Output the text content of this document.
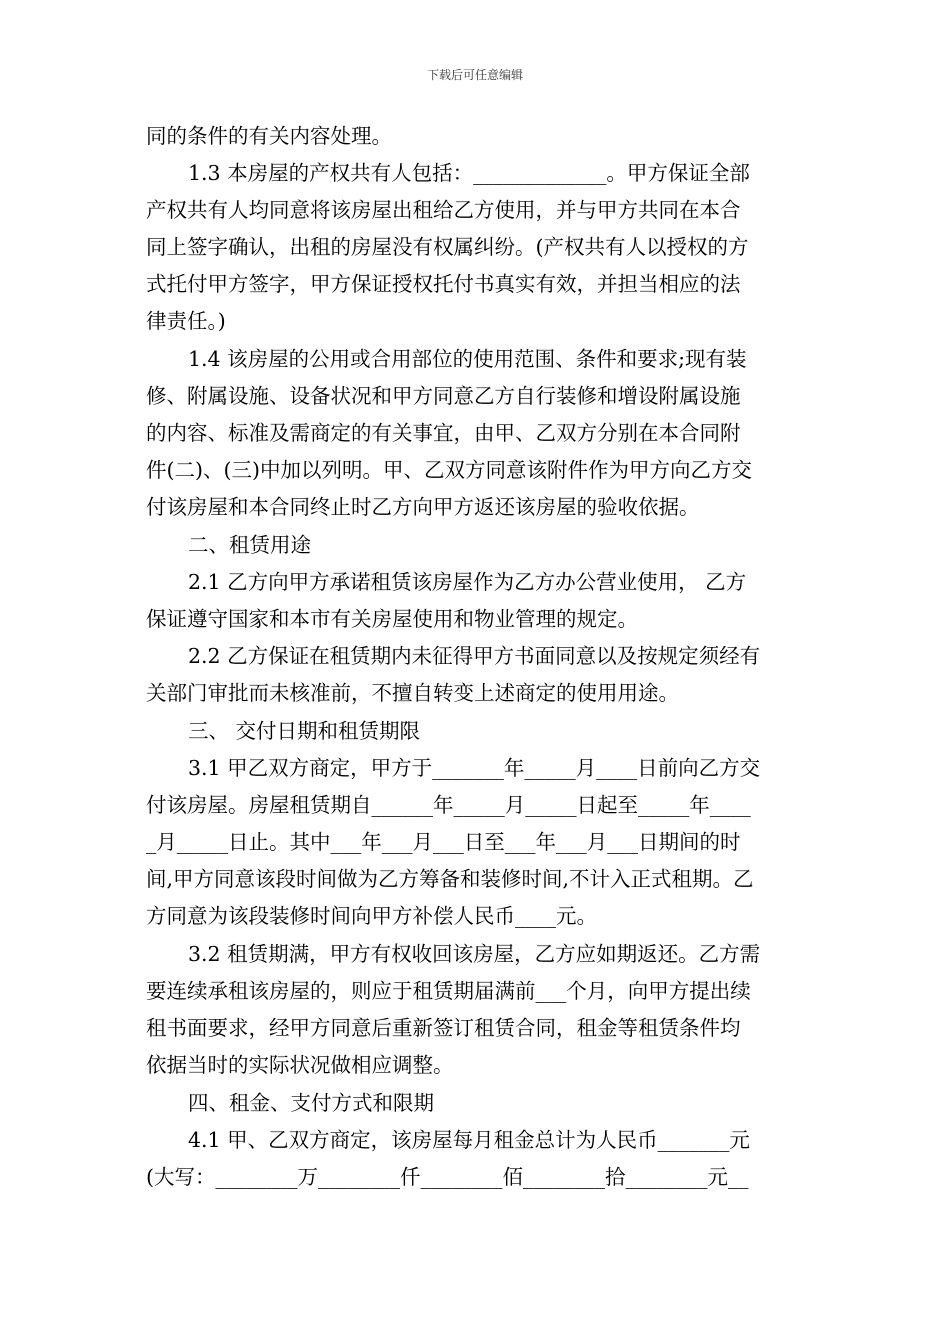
下载后可任意编辑
同的条件的有关内容处理。
1.3 本房屋的产权共有人包括：_____________。甲方保证全部
产权共有人均同意将该房屋出租给乙方使用，并与甲方共同在本合
同上签字确认，出租的房屋没有权属纠纷。(产权共有人以授权的方
式托付甲方签字，甲方保证授权托付书真实有效，并担当相应的法
律责任。)
1.4 该房屋的公用或合用部位的使用范围、条件和要求;现有装
修、附属设施、设备状况和甲方同意乙方自行装修和增设附属设施
的内容、标准及需商定的有关事宜，由甲、乙双方分别在本合同附
件(二)、(三)中加以列明。甲、乙双方同意该附件作为甲方向乙方交
付该房屋和本合同终止时乙方向甲方返还该房屋的验收依据。
二、租赁用途
2.1 乙方向甲方承诺租赁该房屋作为乙方办公营业使用， 乙方
保证遵守国家和本市有关房屋使用和物业管理的规定。
2.2 乙方保证在租赁期内未征得甲方书面同意以及按规定须经有
关部门审批而未核准前，不擅自转变上述商定的使用用途。
三、 交付日期和租赁期限
3.1 甲乙双方商定，甲方于_______年_____月____日前向乙方交
付该房屋。房屋租赁期自______年_____月_____日起至_____年____
_月_____日止。其中___年___月___日至___年___月___日期间的时
间,甲方同意该段时间做为乙方筹备和装修时间,不计入正式租期。乙
方同意为该段装修时间向甲方补偿人民币____元。
3.2 租赁期满，甲方有权收回该房屋，乙方应如期返还。乙方需
要连续承租该房屋的，则应于租赁期届满前___个月，向甲方提出续
租书面要求，经甲方同意后重新签订租赁合同，租金等租赁条件均
依据当时的实际状况做相应调整。
四、租金、支付方式和限期
4.1 甲、乙双方商定，该房屋每月租金总计为人民币_______元
(大写：________万________仟________佰________拾________元__
